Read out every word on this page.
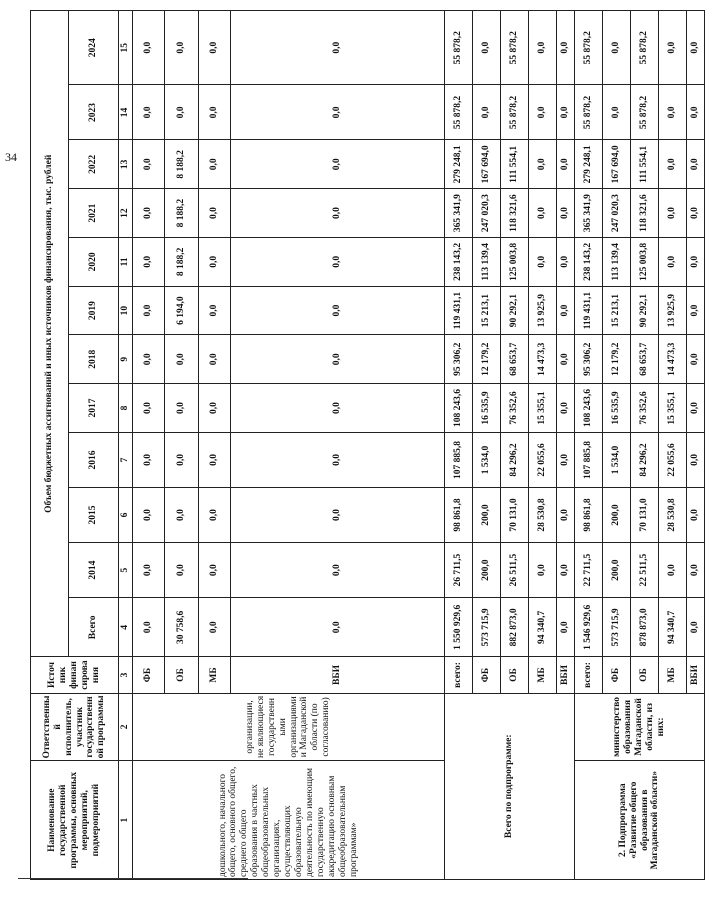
34
Наименование государственной программы, основных мероприятий, подмероприятий	Ответственный исполнитель, участник государственной программы	Источник финансирования	Объем бюджетных ассигнований и иных источников финансирования, тыс. рублей											
			Всего	2014	2015	2016	2017	2018	2019	2020	2021	2022	2023	2024
1	2	3	4	5	6	7	8	9	10	11	12	13	14	15
дошкольного, начального общего, основного общего, среднего общего образования в частных общеобразовательных организациях, осуществляющих образовательную деятельность по имеющим государственную аккредитацию основным общеобразовательным программам»	организации, не являющиеся государственными организациями и Магаданской области (по согласованию)	ФБ	0,0	0,0	0,0	0,0	0,0	0,0	0,0	0,0	0,0	0,0	0,0	0,0
		ОБ	30 758,6	0,0	0,0	0,0	0,0	0,0	6 194,0	8 188,2	8 188,2	8 188,2	0,0	0,0
		МБ	0,0	0,0	0,0	0,0	0,0	0,0	0,0	0,0	0,0	0,0	0,0	0,0
		ВБИ	0,0	0,0	0,0	0,0	0,0	0,0	0,0	0,0	0,0	0,0	0,0	0,0
Всего по подпрограмме:		всего:	1 550 929,6	26 711,5	98 861,8	107 885,8	108 243,6	95 306,2	119 431,1	238 143,2	365 341,9	279 248,1	55 878,2	55 878,2
		ФБ	573 715,9	200,0	200,0	1 534,0	16 535,9	12 179,2	15 213,1	113 139,4	247 020,3	167 694,0	0,0	0,0
		ОБ	882 873,0	26 511,5	70 131,0	84 296,2	76 352,6	68 653,7	90 292,1	125 003,8	118 321,6	111 554,1	55 878,2	55 878,2
		МБ	94 340,7	0,0	28 530,8	22 055,6	15 355,1	14 473,3	13 925,9	0,0	0,0	0,0	0,0	0,0
		ВБИ	0,0	0,0	0,0	0,0	0,0	0,0	0,0	0,0	0,0	0,0	0,0	0,0
2. Подпрограмма «Развитие общего образования в Магаданской области»	министерство образования Магаданской области, из них:	всего:	1 546 929,6	22 711,5	98 861,8	107 885,8	108 243,6	95 306,2	119 431,1	238 143,2	365 341,9	279 248,1	55 878,2	55 878,2
		ФБ	573 715,9	200,0	200,0	1 534,0	16 535,9	12 179,2	15 213,1	113 139,4	247 020,3	167 694,0	0,0	0,0
		ОБ	878 873,0	22 511,5	70 131,0	84 296,2	76 352,6	68 653,7	90 292,1	125 003,8	118 321,6	111 554,1	55 878,2	55 878,2
		МБ	94 340,7	0,0	28 530,8	22 055,6	15 355,1	14 473,3	13 925,9	0,0	0,0	0,0	0,0	0,0
		ВБИ	0,0	0,0	0,0	0,0	0,0	0,0	0,0	0,0	0,0	0,0	0,0	0,0
